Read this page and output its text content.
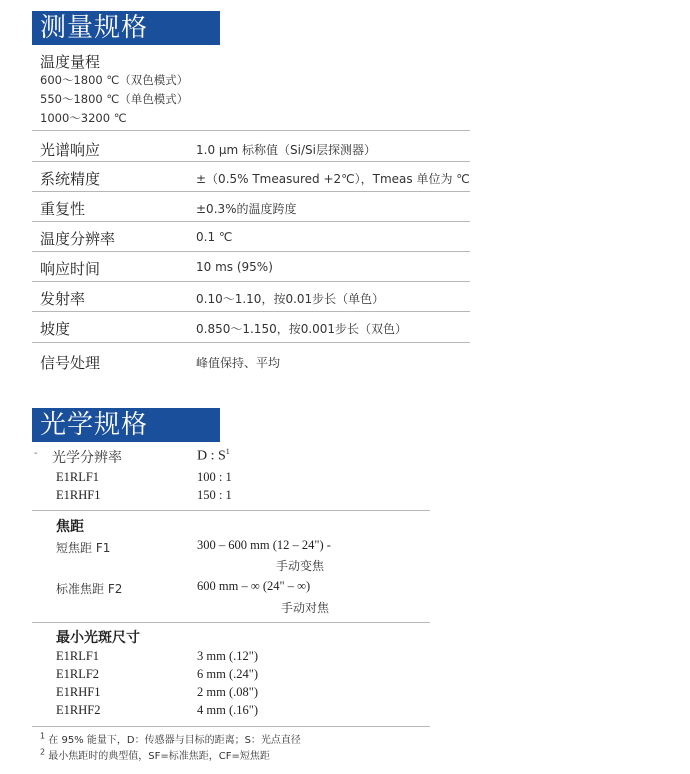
测量规格
温度量程
600～1800 ℃（双色模式）
550～1800 ℃（单色模式）
1000～3200 ℃
光谱响应	1.0 μm 标称值（Si/Si层探测器）
系统精度	±（0.5% Tmeasured +2℃），Tmeas 单位为 ℃
重复性	±0.3%的温度跨度
温度分辨率	0.1 ℃
响应时间	10 ms (95%)
发射率	0.10～1.10，按0.01步长（单色）
坡度	0.850～1.150，按0.001步长（双色）
信号处理	峰值保持、平均
光学规格
- 光学分辨率	D : $S^1$
E1RLF1	100 : 1
E1RHF1	150 : 1
焦距
短焦距 F1	300 – 600 mm (12 – 24") -
手动变焦
标准焦距 F2	600 mm – ∞ (24" – ∞)
手动对焦
最小光斑尺寸
E1RLF1	3 mm (.12")
E1RLF2	6 mm (.24")
E1RHF1	2 mm (.08")
E1RHF2	4 mm (.16")
$^1$ 在 95% 能量下，D：传感器与目标的距离；S：光点直径
$^2$ 最小焦距时的典型值，SF=标准焦距，CF=短焦距
